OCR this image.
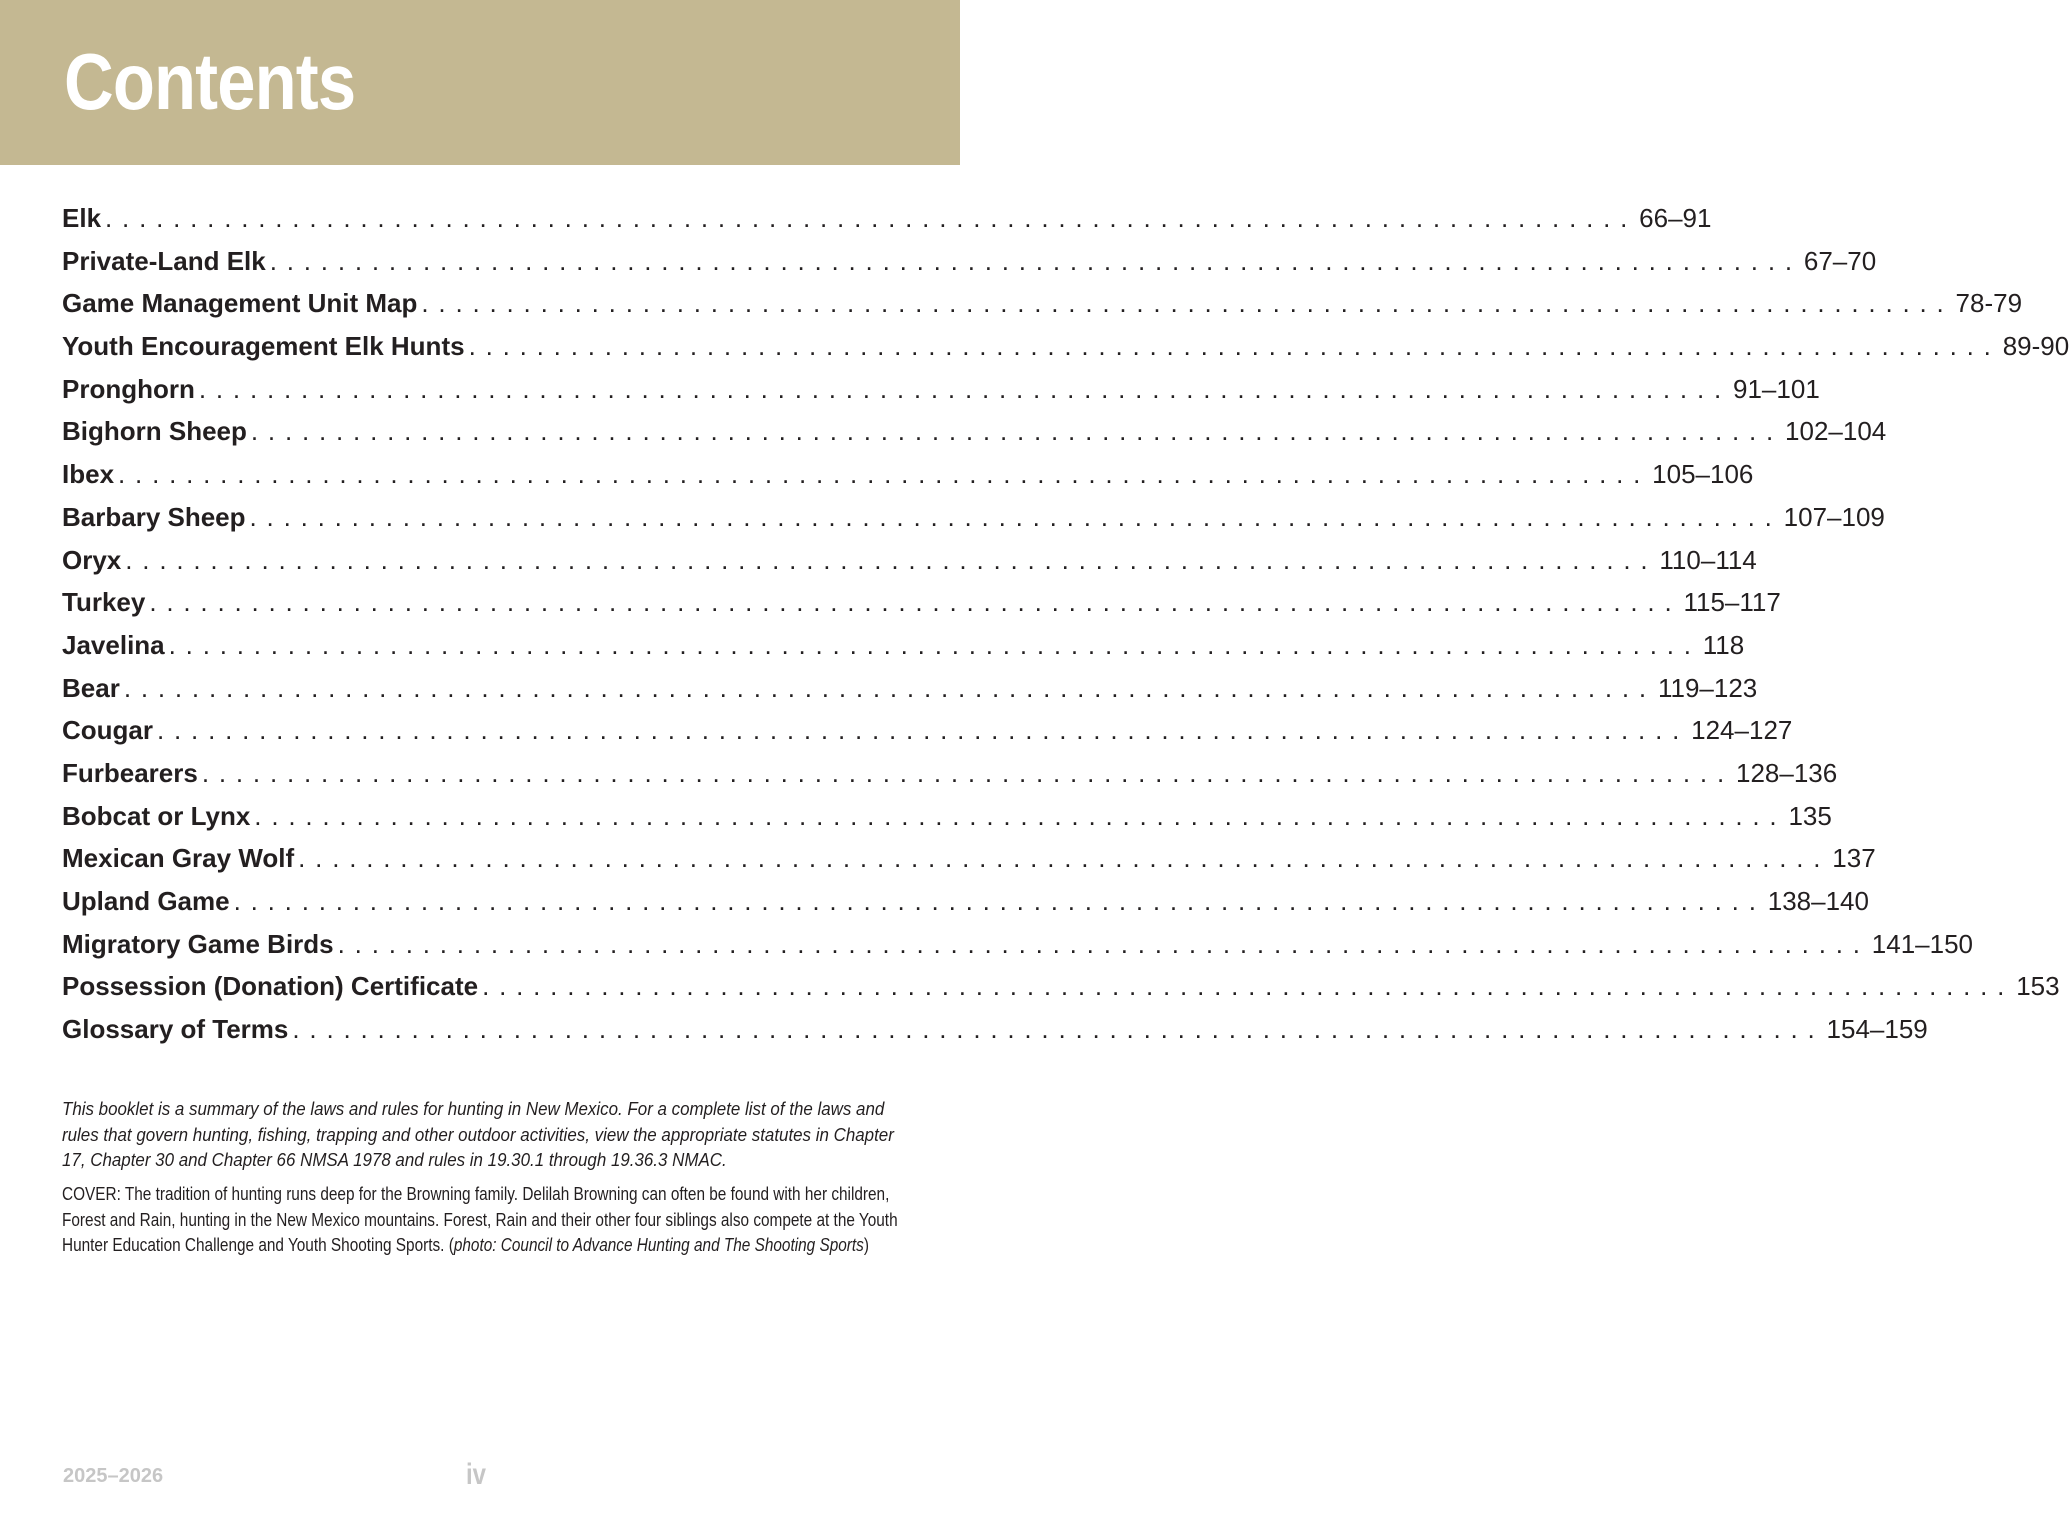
Contents
Elk .......................................................................................... 66–91
Private-Land Elk .......................................................................................... 67–70
Game Management Unit Map .......................................................................................... 78-79
Youth Encouragement Elk Hunts .......................................................................................... 89-90
Pronghorn .......................................................................................... 91–101
Bighorn Sheep .......................................................................................... 102–104
Ibex .......................................................................................... 105–106
Barbary Sheep .......................................................................................... 107–109
Oryx .......................................................................................... 110–114
Turkey .......................................................................................... 115–117
Javelina .......................................................................................... 118
Bear .......................................................................................... 119–123
Cougar .......................................................................................... 124–127
Furbearers .......................................................................................... 128–136
Bobcat or Lynx .......................................................................................... 135
Mexican Gray Wolf .......................................................................................... 137
Upland Game .......................................................................................... 138–140
Migratory Game Birds .......................................................................................... 141–150
Possession (Donation) Certificate .......................................................................................... 153
Glossary of Terms .......................................................................................... 154–159

This booklet is a summary of the laws and rules for hunting in New Mexico. For a complete list of the laws and rules that govern hunting, fishing, trapping and other outdoor activities, view the appropriate statutes in Chapter 17, Chapter 30 and Chapter 66 NMSA 1978 and rules in 19.30.1 through 19.36.3 NMAC.

COVER: The tradition of hunting runs deep for the Browning family. Delilah Browning can often be found with her children, Forest and Rain, hunting in the New Mexico mountains. Forest, Rain and their other four siblings also compete at the Youth Hunter Education Challenge and Youth Shooting Sports. (photo: Council to Advance Hunting and The Shooting Sports)

2025–2026	iv
